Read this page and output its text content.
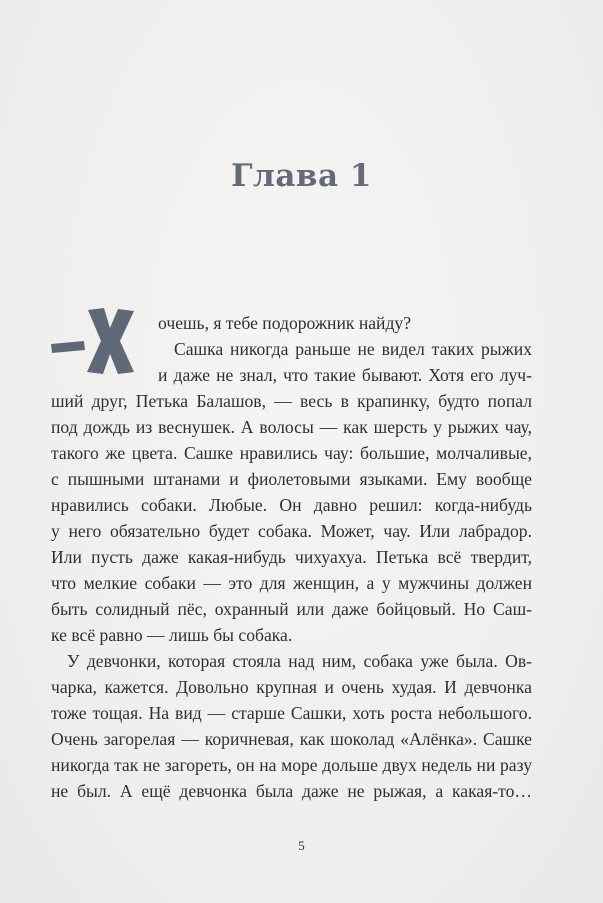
Глава 1
очешь, я тебе подорожник найду?
Сашка никогда раньше не видел таких рыжих
и даже не знал, что такие бывают. Хотя его луч-
ший друг, Петька Балашов, — весь в крапинку, будто попал
под дождь из веснушек. А волосы — как шерсть у рыжих чау,
такого же цвета. Сашке нравились чау: большие, молчаливые,
с пышными штанами и фиолетовыми языками. Ему вообще
нравились собаки. Любые. Он давно решил: когда-нибудь
у него обязательно будет собака. Может, чау. Или лабрадор.
Или пусть даже какая-нибудь чихуахуа. Петька всё твердит,
что мелкие собаки — это для женщин, а у мужчины должен
быть солидный пёс, охранный или даже бойцовый. Но Саш-
ке всё равно — лишь бы собака.
У девчонки, которая стояла над ним, собака уже была. Ов-
чарка, кажется. Довольно крупная и очень худая. И девчонка
тоже тощая. На вид — старше Сашки, хоть роста небольшого.
Очень загорелая — коричневая, как шоколад «Алёнка». Сашке
никогда так не загореть, он на море дольше двух недель ни разу
не был. А ещё девчонка была даже не рыжая, а какая-то…
5
